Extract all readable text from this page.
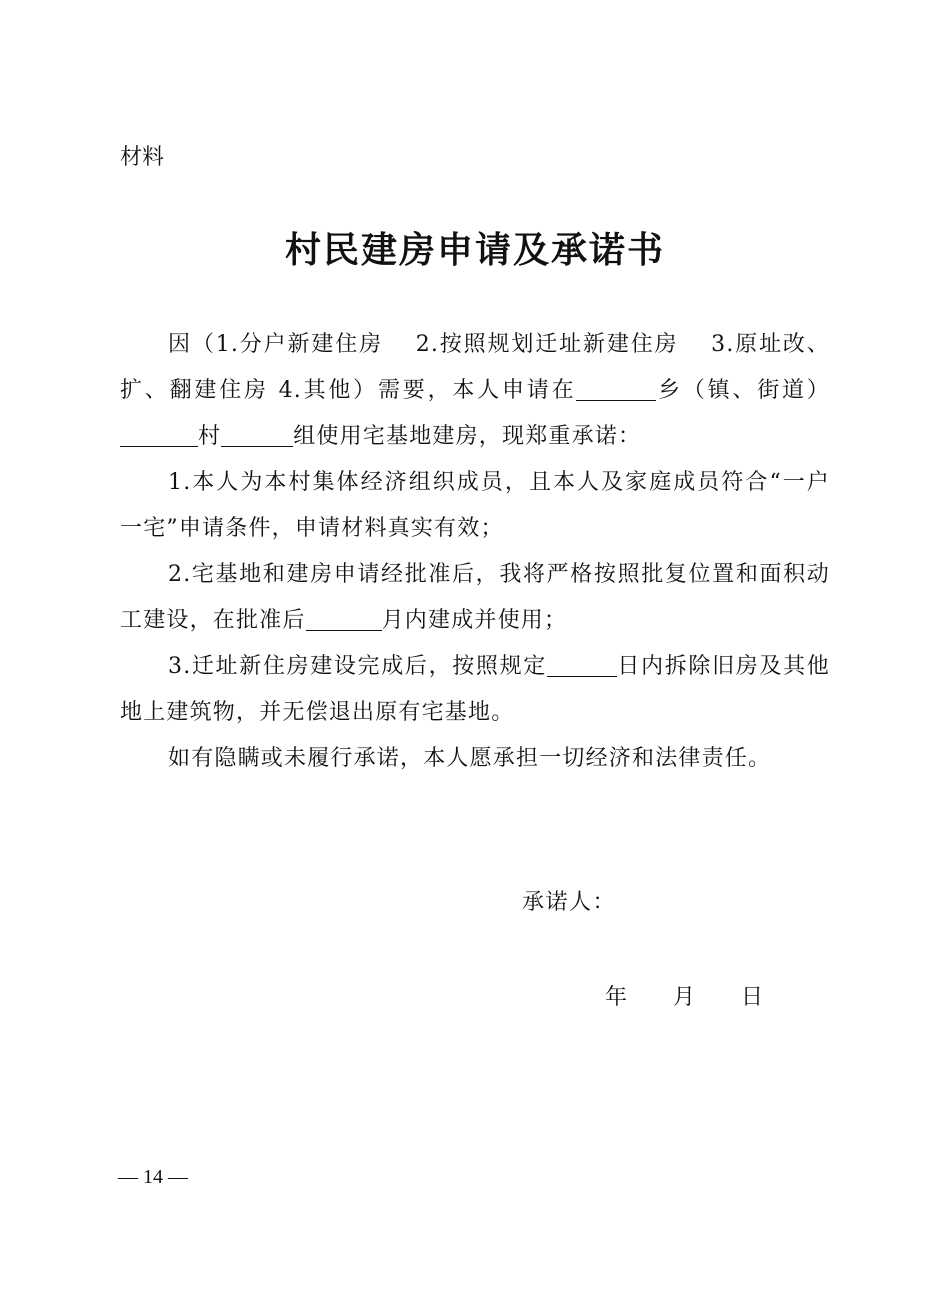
材料
村民建房申请及承诺书

因（1.分户新建住房　 2.按照规划迁址新建住房　 3.原址改、扩、翻建住房 4.其他）需要，本人申请在	乡（镇、街道）村	组使用宅基地建房，现郑重承诺：

1.本人为本村集体经济组织成员，且本人及家庭成员符合“一户一宅”申请条件，申请材料真实有效；

2.宅基地和建房申请经批准后，我将严格按照批复位置和面积动工建设，在批准后	月内建成并使用；

3.迁址新住房建设完成后，按照规定	日内拆除旧房及其他地上建筑物，并无偿退出原有宅基地。

如有隐瞒或未履行承诺，本人愿承担一切经济和法律责任。

承诺人：
年 月 日
— 14 —
